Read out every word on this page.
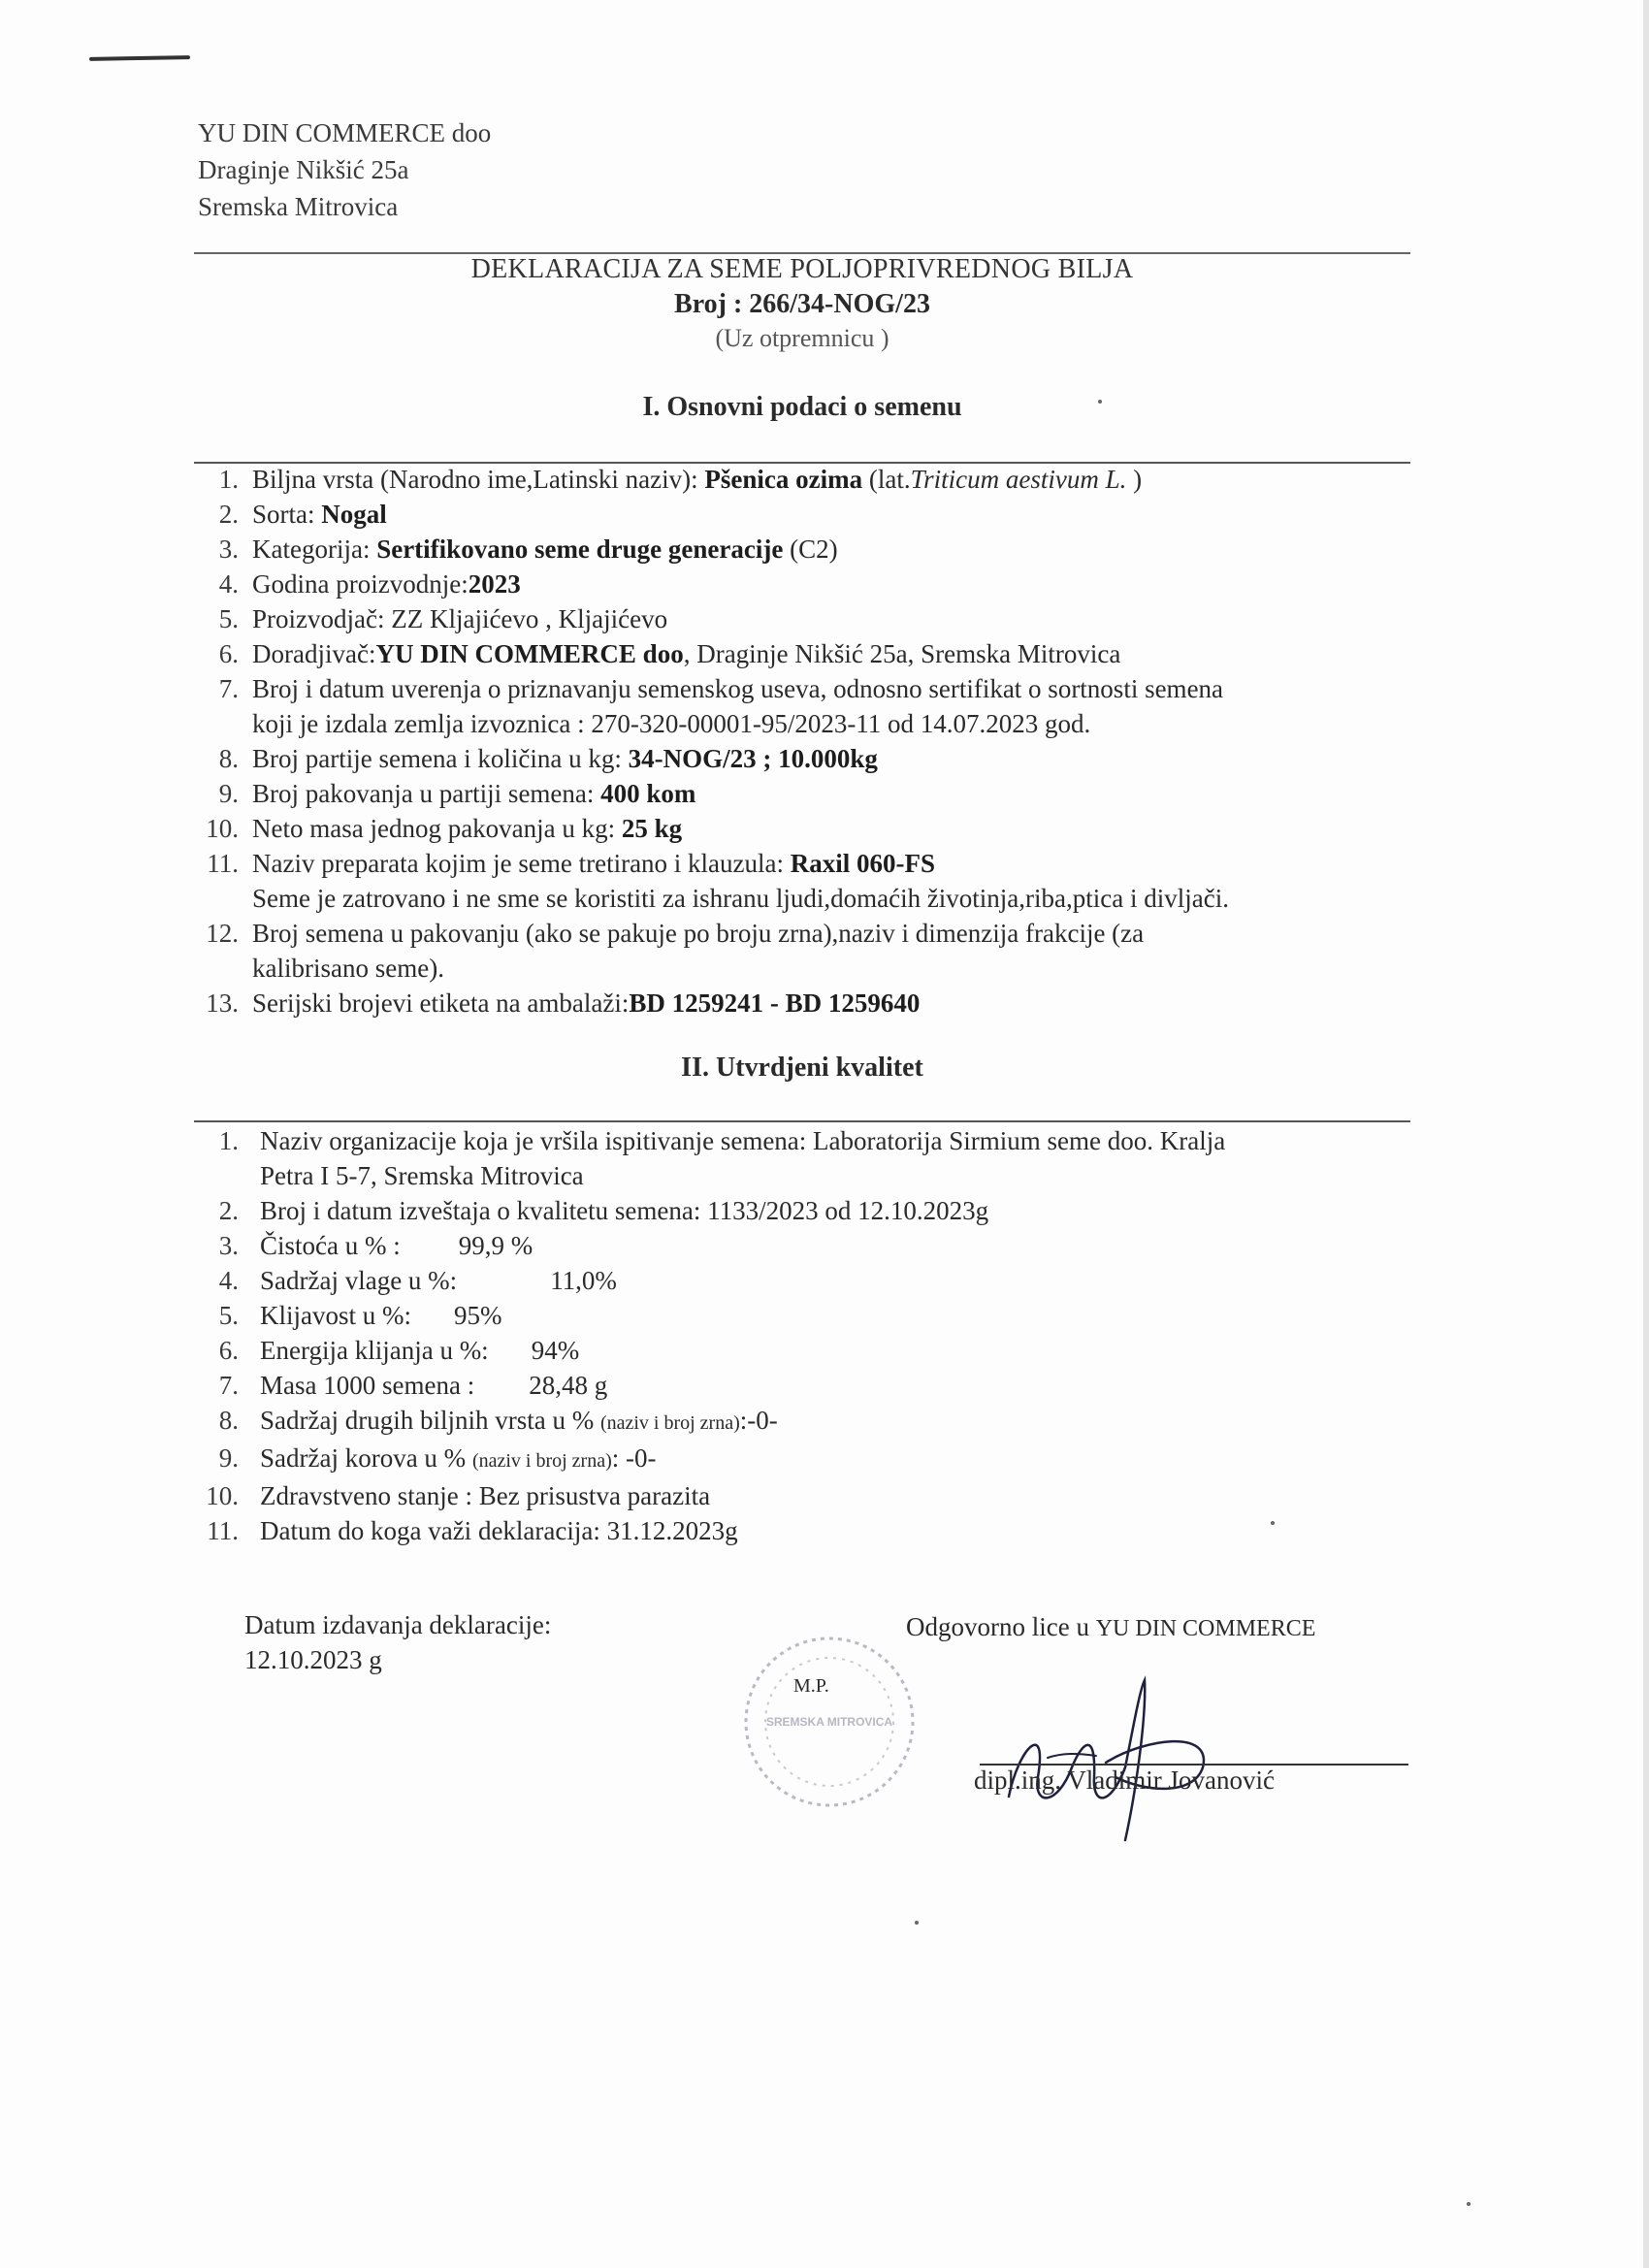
YU DIN COMMERCE doo
Draginje Nikšić 25a
Sremska Mitrovica
DEKLARACIJA ZA SEME POLJOPRIVREDNOG BILJA
Broj : 266/34-NOG/23
(Uz otpremnicu )
I. Osnovni podaci o semenu
1. Biljna vrsta (Narodno ime,Latinski naziv): Pšenica ozima (lat.Triticum aestivum L. )
2. Sorta: Nogal
3. Kategorija: Sertifikovano seme druge generacije (C2)
4. Godina proizvodnje:2023
5. Proizvodjač: ZZ Kljajićevo , Kljajićevo
6. Doradjivač:YU DIN COMMERCE doo, Draginje Nikšić 25a, Sremska Mitrovica
7. Broj i datum uverenja o priznavanju semenskog useva, odnosno sertifikat o sortnosti semena
koji je izdala zemlja izvoznica : 270-320-00001-95/2023-11 od 14.07.2023 god.
8. Broj partije semena i količina u kg: 34-NOG/23 ; 10.000kg
9. Broj pakovanja u partiji semena: 400 kom
10. Neto masa jednog pakovanja u kg: 25 kg
11. Naziv preparata kojim je seme tretirano i klauzula: Raxil 060-FS
Seme je zatrovano i ne sme se koristiti za ishranu ljudi,domaćih životinja,riba,ptica i divljači.
12. Broj semena u pakovanju (ako se pakuje po broju zrna),naziv i dimenzija frakcije (za
kalibrisano seme).
13. Serijski brojevi etiketa na ambalaži:BD 1259241 - BD 1259640
II. Utvrdjeni kvalitet
1. Naziv organizacije koja je vršila ispitivanje semena: Laboratorija Sirmium seme doo. Kralja
Petra I 5-7, Sremska Mitrovica
2. Broj i datum izveštaja o kvalitetu semena: 1133/2023 od 12.10.2023g
3. Čistoća u % : 99,9 %
4. Sadržaj vlage u %:	11,0%
5. Klijavost u %: 95%
6. Energija klijanja u %: 94%
7. Masa 1000 semena : 28,48 g
8. Sadržaj drugih biljnih vrsta u % (naziv i broj zrna):-0-
9. Sadržaj korova u % (naziv i broj zrna): -0-
10. Zdravstveno stanje : Bez prisustva parazita
11. Datum do koga važi deklaracija: 31.12.2023g
Datum izdavanja deklaracije:
12.10.2023 g
Odgovorno lice u YU DIN COMMERCE
SREMSKA MITROVICA
M.P.
dipl.ing. Vladimir Jovanović
